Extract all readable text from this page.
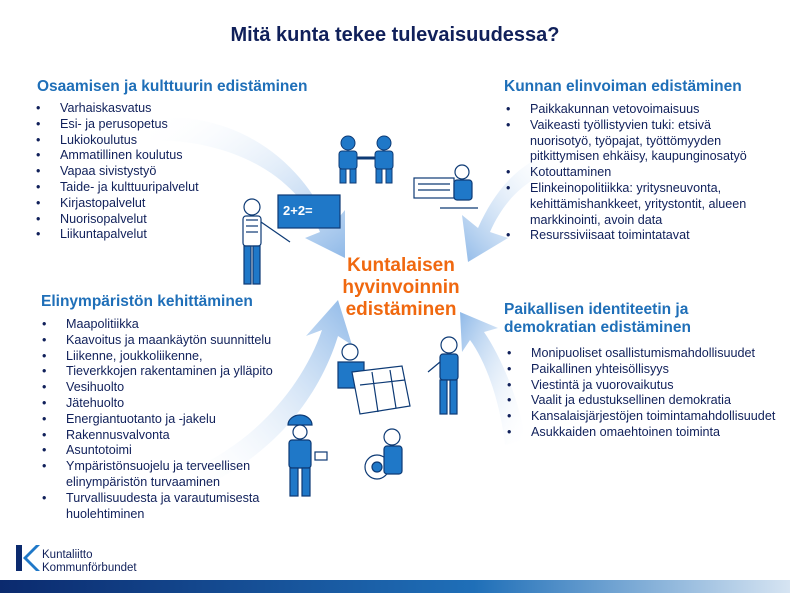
Mitä kunta tekee tulevaisuudessa?
Osaamisen ja kulttuurin edistäminen
• Varhaiskasvatus
• Esi- ja perusopetus
• Lukiokoulutus
• Ammatillinen koulutus
• Vapaa sivistystyö
• Taide- ja kulttuuripalvelut
• Kirjastopalvelut
• Nuorisopalvelut
• Liikuntapalvelut
Kunnan elinvoiman edistäminen
• Paikkakunnan vetovoimaisuus
• Vaikeasti työllistyvien tuki: etsivä nuorisotyö, työpajat, työttömyyden pitkittymisen ehkäisy, kaupunginosatyö
• Kotouttaminen
• Elinkeinopolitiikka: yritysneuvonta, kehittämishankkeet, yritystontit, alueen markkinointi, avoin data
• Resurssiviisaat toimintatavat
Kuntalaisen
hyvinvoinnin
edistäminen
2+2=
Elinympäristön kehittäminen
• Maapolitiikka
• Kaavoitus ja maankäytön suunnittelu
• Liikenne, joukkoliikenne,
• Tieverkkojen rakentaminen ja ylläpito
• Vesihuolto
• Jätehuolto
• Energiantuotanto ja -jakelu
• Rakennusvalvonta
• Asuntotoimi
• Ympäristönsuojelu ja terveellisen elinympäristön turvaaminen
• Turvallisuudesta ja varautumisesta huolehtiminen
Paikallisen identiteetin ja demokratian edistäminen
• Monipuoliset osallistumismahdollisuudet
• Paikallinen yhteisöllisyys
• Viestintä ja vuorovaikutus
• Vaalit ja edustuksellinen demokratia
• Kansalaisjärjestöjen toimintamahdollisuudet
• Asukkaiden omaehtoinen toiminta
Kuntaliitto
Kommunförbundet
